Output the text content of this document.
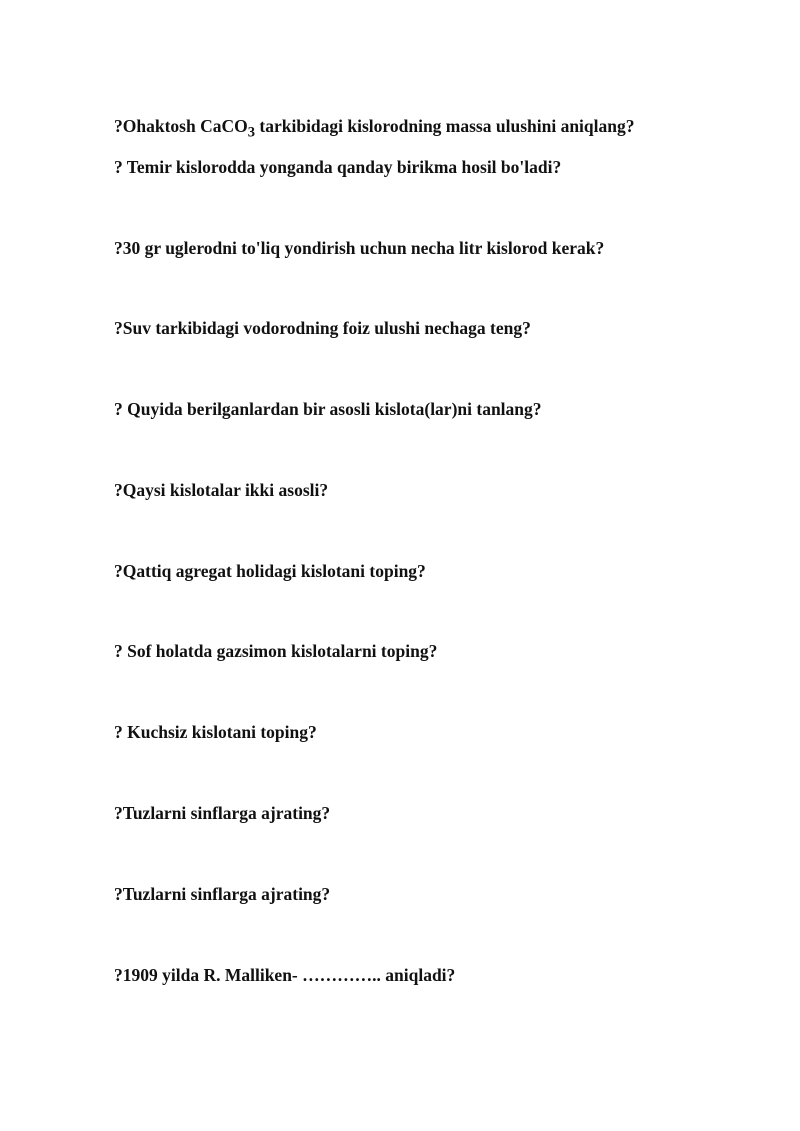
?Ohaktosh CaCO$_3$ tarkibidagi kislorodning massa ulushini aniqlang?

? Temir kislorodda yonganda qanday birikma hosil bo'ladi?

?30 gr uglerodni to'liq yondirish uchun necha litr kislorod kerak?

?Suv tarkibidagi vodorodning foiz ulushi nechaga teng?

? Quyida berilganlardan bir asosli kislota(lar)ni tanlang?

?Qaysi kislotalar ikki asosli?

?Qattiq agregat holidagi kislotani toping?

? Sof holatda gazsimon kislotalarni toping?

? Kuchsiz kislotani toping?

?Tuzlarni sinflarga ajrating?

?Tuzlarni sinflarga ajrating?

?1909 yilda R. Malliken- ………….. aniqladi?
